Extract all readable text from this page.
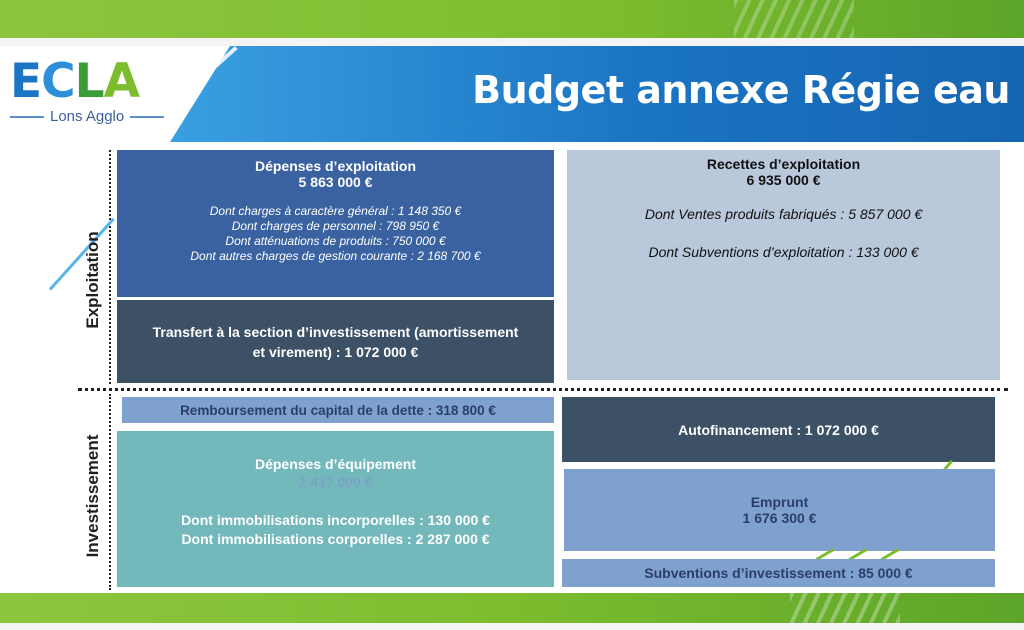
E C L A
Lons Agglo
Budget annexe Régie eau
Exploitation
Investissement
Dépenses d’exploitation
5 863 000 €
Dont charges à caractère général : 1 148 350 €
Dont charges de personnel : 798 950 €
Dont atténuations de produits : 750 000 €
Dont autres charges de gestion courante : 2 168 700 €
Transfert à la section d’investissement (amortissement
et virement) : 1 072 000 €
Recettes d’exploitation
6 935 000 €
Dont Ventes produits fabriqués : 5 857 000 €
Dont Subventions d’exploitation : 133 000 €
Remboursement du capital de la dette : 318 800 €
Dépenses d’équipement
2 417 000 €
Dont immobilisations incorporelles : 130 000 €
Dont immobilisations corporelles : 2 287 000 €
Autofinancement : 1 072 000 €
Emprunt
1 676 300 €
Subventions d’investissement : 85 000 €
